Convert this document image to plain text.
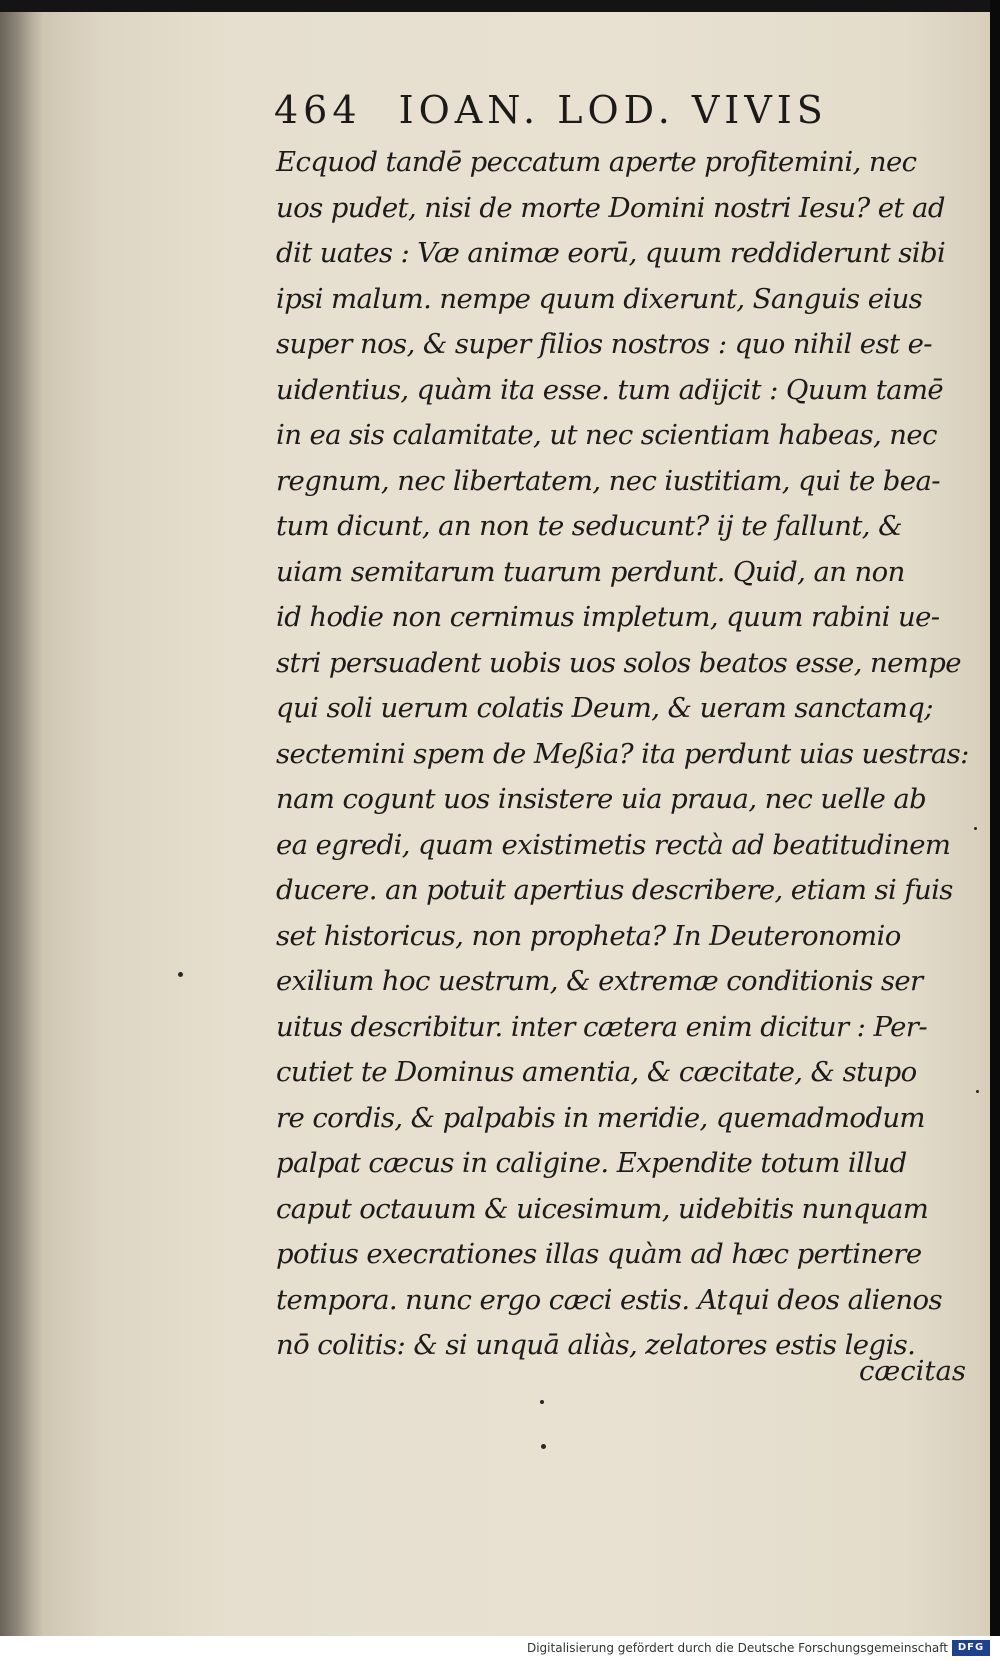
464 IOAN. LOD. VIVIS
Ecquod tandē peccatum aperte profitemini, nec
uos pudet, nisi de morte Domini nostri Iesu? et ad
dit uates : Væ animæ eorū, quum reddiderunt sibi
ipsi malum. nempe quum dixerunt, Sanguis eius
super nos, & super filios nostros : quo nihil est e-
uidentius, quàm ita esse. tum adijcit : Quum tamē
in ea sis calamitate, ut nec scientiam habeas, nec
regnum, nec libertatem, nec iustitiam, qui te bea-
tum dicunt, an non te seducunt? ij te fallunt, &
uiam semitarum tuarum perdunt. Quid, an non
id hodie non cernimus impletum, quum rabini ue-
stri persuadent uobis uos solos beatos esse, nempe
qui soli uerum colatis Deum, & ueram sanctamq;
sectemini spem de Meßia? ita perdunt uias uestras:
nam cogunt uos insistere uia praua, nec uelle ab
ea egredi, quam existimetis rectà ad beatitudinem
ducere. an potuit apertius describere, etiam si fuis
set historicus, non propheta? In Deuteronomio
exilium hoc uestrum, & extremæ conditionis ser
uitus describitur. inter cætera enim dicitur : Per-
cutiet te Dominus amentia, & cæcitate, & stupo
re cordis, & palpabis in meridie, quemadmodum
palpat cæcus in caligine. Expendite totum illud
caput octauum & uicesimum, uidebitis nunquam
potius execrationes illas quàm ad hæc pertinere
tempora. nunc ergo cæci estis. Atqui deos alienos
nō colitis: & si unquā aliàs, zelatores estis legis.
cæcitas
Digitalisierung gefördert durch die Deutsche Forschungsgemeinschaft DFG
